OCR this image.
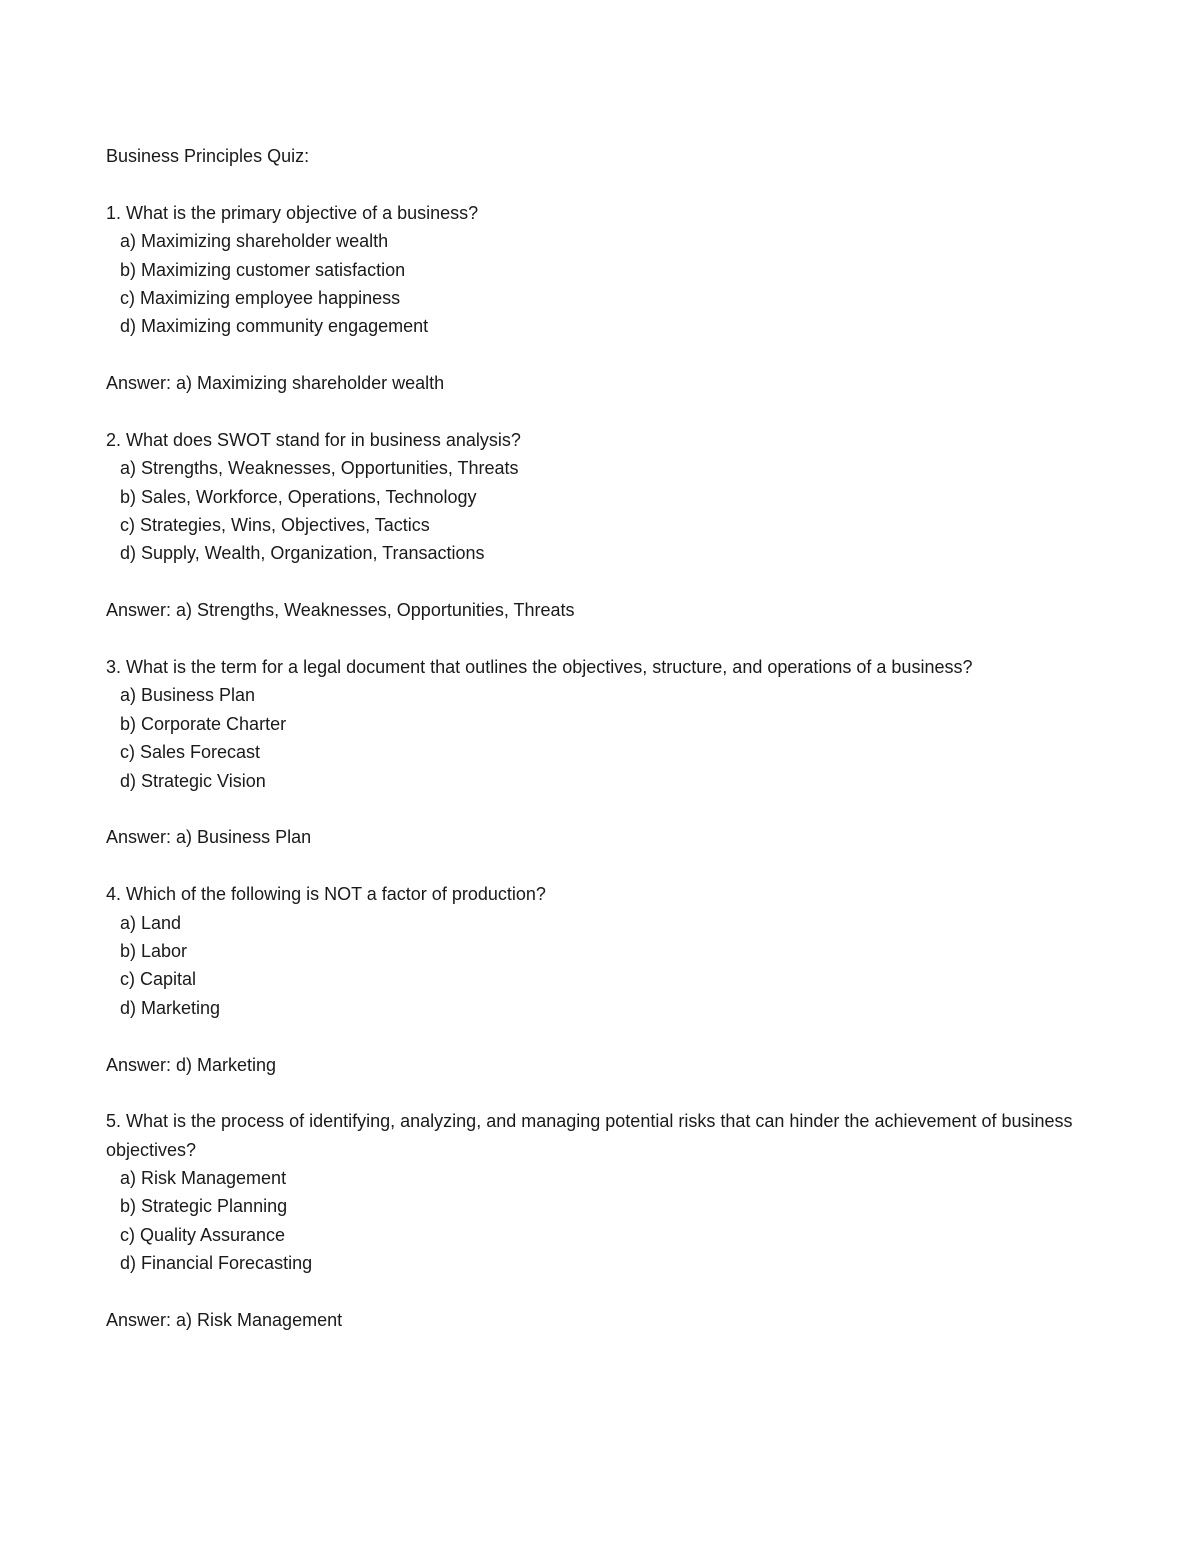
Business Principles Quiz:
1. What is the primary objective of a business?
a) Maximizing shareholder wealth
b) Maximizing customer satisfaction
c) Maximizing employee happiness
d) Maximizing community engagement
Answer: a) Maximizing shareholder wealth
2. What does SWOT stand for in business analysis?
a) Strengths, Weaknesses, Opportunities, Threats
b) Sales, Workforce, Operations, Technology
c) Strategies, Wins, Objectives, Tactics
d) Supply, Wealth, Organization, Transactions
Answer: a) Strengths, Weaknesses, Opportunities, Threats
3. What is the term for a legal document that outlines the objectives, structure, and operations of a business?
a) Business Plan
b) Corporate Charter
c) Sales Forecast
d) Strategic Vision
Answer: a) Business Plan
4. Which of the following is NOT a factor of production?
a) Land
b) Labor
c) Capital
d) Marketing
Answer: d) Marketing
5. What is the process of identifying, analyzing, and managing potential risks that can hinder the achievement of business objectives?
a) Risk Management
b) Strategic Planning
c) Quality Assurance
d) Financial Forecasting
Answer: a) Risk Management
